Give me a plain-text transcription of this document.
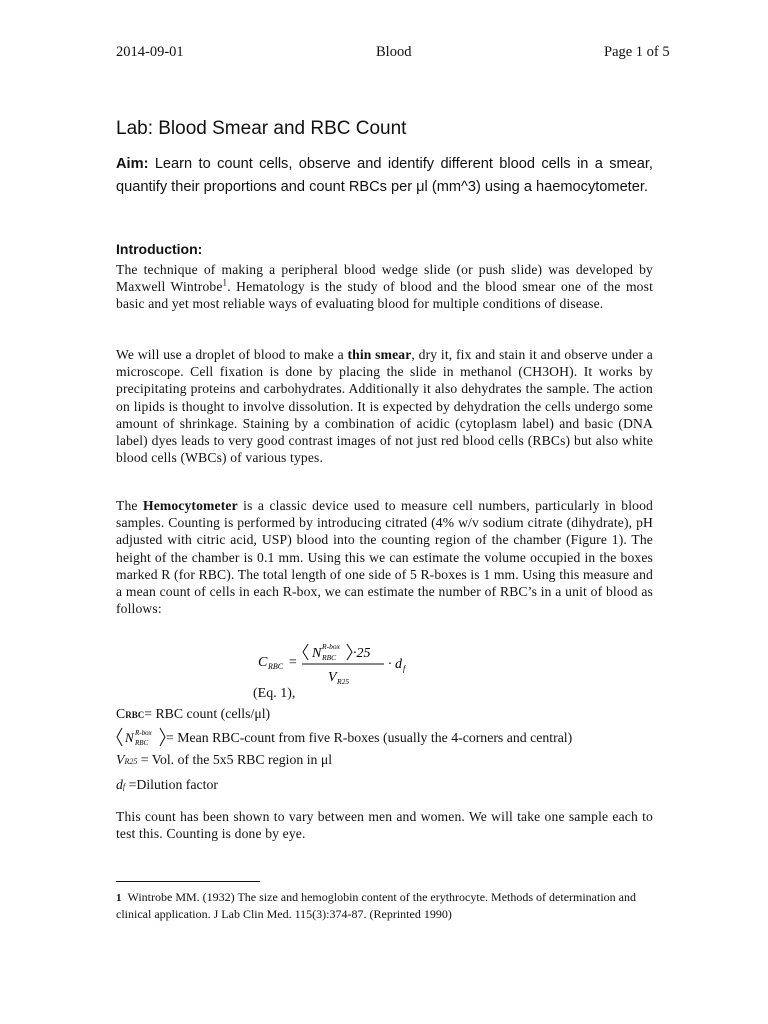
2014-09-01	Blood	Page 1 of 5
Lab: Blood Smear and RBC Count
Aim: Learn to count cells, observe and identify different blood cells in a smear, quantify their proportions and count RBCs per μl (mm^3) using a haemocytometer.
Introduction:
The technique of making a peripheral blood wedge slide (or push slide) was developed by Maxwell Wintrobe$^1$. Hematology is the study of blood and the blood smear one of the most basic and yet most reliable ways of evaluating blood for multiple conditions of disease.
We will use a droplet of blood to make a thin smear, dry it, fix and stain it and observe under a microscope. Cell fixation is done by placing the slide in methanol (CH3OH). It works by precipitating proteins and carbohydrates. Additionally it also dehydrates the sample. The action on lipids is thought to involve dissolution. It is expected by dehydration the cells undergo some amount of shrinkage. Staining by a combination of acidic (cytoplasm label) and basic (DNA label) dyes leads to very good contrast images of not just red blood cells (RBCs) but also white blood cells (WBCs) of various types.
The Hemocytometer is a classic device used to measure cell numbers, particularly in blood samples. Counting is performed by introducing citrated (4% w/v sodium citrate (dihydrate), pH adjusted with citric acid, USP) blood into the counting region of the chamber (Figure 1). The height of the chamber is 0.1 mm. Using this we can estimate the volume occupied in the boxes marked R (for RBC). The total length of one side of 5 R-boxes is 1 mm. Using this measure and a mean count of cells in each R-box, we can estimate the number of RBC’s in a unit of blood as follows:
C RBC =
N R-box
RBC ·25
V R25
· d f
(Eq. 1),
CRBC= RBC count (cells/μl)
N R-box
RBC = Mean RBC-count from five R-boxes (usually the 4-corners and central)
VR25 = Vol. of the 5x5 RBC region in μl
df =Dilution factor
This count has been shown to vary between men and women. We will take one sample each to test this. Counting is done by eye.
1 Wintrobe MM. (1932) The size and hemoglobin content of the erythrocyte. Methods of determination and clinical application. J Lab Clin Med. 115(3):374-87. (Reprinted 1990)
